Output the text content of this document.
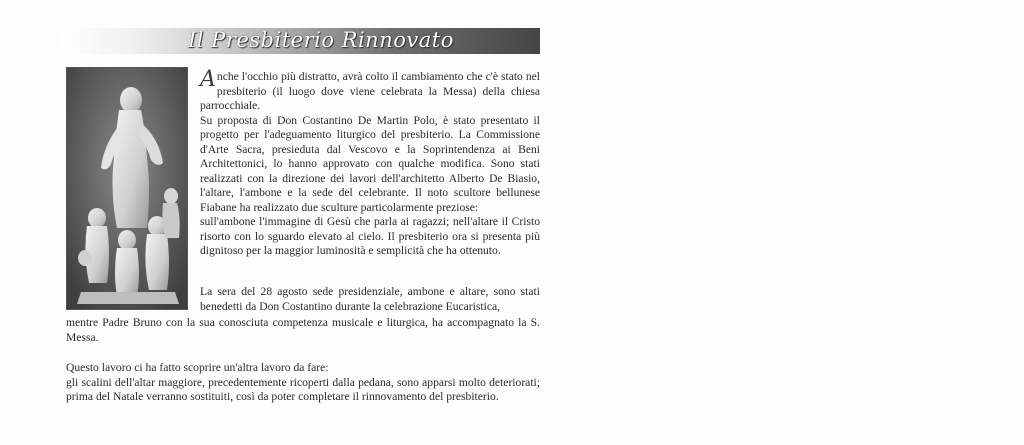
Il Presbiterio Rinnovato

Anche l'occhio più distratto, avrà colto il cambiamento che c'è stato nel presbiterio (il luogo dove viene celebrata la Messa) della chiesa parrocchiale.

Su proposta di Don Costantino De Martin Polo, è stato presentato il progetto per l'adeguamento liturgico del presbiterio. La Commissione d'Arte Sacra, presieduta dal Vescovo e la Soprintendenza ai Beni Architettonici, lo hanno approvato con qualche modifica. Sono stati realizzati con la direzione dei lavori dell'architetto Alberto De Biasio, l'altare, l'ambone e la sede del celebrante. Il noto scultore bellunese Fiabane ha realizzato due sculture particolarmente preziose:

sull'ambone l'immagine di Gesù che parla ai ragazzi; nell'altare il Cristo risorto con lo sguardo elevato al cielo. Il presbiterio ora si presenta più dignitoso per la maggior luminosità e semplicità che ha ottenuto.

La sera del 28 agosto sede presidenziale, ambone e altare, sono stati benedetti da Don Costantino durante la celebrazione Eucaristica,

mentre Padre Bruno con la sua conosciuta competenza musicale e liturgica, ha accompagnato la S. Messa.

Questo lavoro ci ha fatto scoprire un'altra lavoro da fare:

gli scalini dell'altar maggiore, precedentemente ricoperti dalla pedana, sono apparsi molto deteriorati; prima del Natale verranno sostituiti, così da poter completare il rinnovamento del presbiterio.
